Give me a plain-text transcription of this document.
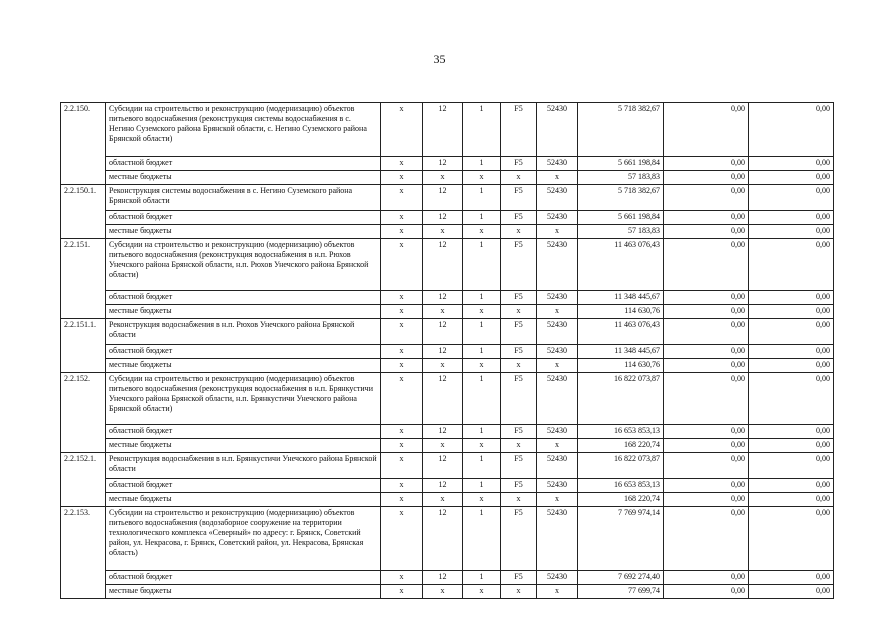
35
2.2.150.	Субсидии на строительство и реконструкцию (модернизацию) объектов питьевого водоснабжения (реконструкция системы водоснабжения в с. Негино Суземского района Брянской области, с. Негино Суземского района Брянской области)	x	12	1	F5	52430	5 718 382,67	0,00	0,00
	областной бюджет	x	12	1	F5	52430	5 661 198,84	0,00	0,00
	местные бюджеты	x	x	x	x	x	57 183,83	0,00	0,00
2.2.150.1.	Реконструкция системы водоснабжения в с. Негино Суземского района Брянской области	x	12	1	F5	52430	5 718 382,67	0,00	0,00
	областной бюджет	x	12	1	F5	52430	5 661 198,84	0,00	0,00
	местные бюджеты	x	x	x	x	x	57 183,83	0,00	0,00
2.2.151.	Субсидии на строительство и реконструкцию (модернизацию) объектов питьевого водоснабжения (реконструкция водоснабжения в н.п. Рюхов Унечского района Брянской области, н.п. Рюхов Унечского района Брянской области)	x	12	1	F5	52430	11 463 076,43	0,00	0,00
	областной бюджет	x	12	1	F5	52430	11 348 445,67	0,00	0,00
	местные бюджеты	x	x	x	x	x	114 630,76	0,00	0,00
2.2.151.1.	Реконструкция водоснабжения в н.п. Рюхов Унечского района Брянской области	x	12	1	F5	52430	11 463 076,43	0,00	0,00
	областной бюджет	x	12	1	F5	52430	11 348 445,67	0,00	0,00
	местные бюджеты	x	x	x	x	x	114 630,76	0,00	0,00
2.2.152.	Субсидии на строительство и реконструкцию (модернизацию) объектов питьевого водоснабжения (реконструкция водоснабжения в н.п. Брянкустичи Унечского района Брянской области, н.п. Брянкустичи Унечского района Брянской области)	x	12	1	F5	52430	16 822 073,87	0,00	0,00
	областной бюджет	x	12	1	F5	52430	16 653 853,13	0,00	0,00
	местные бюджеты	x	x	x	x	x	168 220,74	0,00	0,00
2.2.152.1.	Реконструкция водоснабжения в н.п. Брянкустичи Унечского района Брянской области	x	12	1	F5	52430	16 822 073,87	0,00	0,00
	областной бюджет	x	12	1	F5	52430	16 653 853,13	0,00	0,00
	местные бюджеты	x	x	x	x	x	168 220,74	0,00	0,00
2.2.153.	Субсидии на строительство и реконструкцию (модернизацию) объектов питьевого водоснабжения (водозаборное сооружение на территории технологического комплекса «Северный» по адресу: г. Брянск, Советский район, ул. Некрасова, г. Брянск, Советский район, ул. Некрасова, Брянская область)	x	12	1	F5	52430	7 769 974,14	0,00	0,00
	областной бюджет	x	12	1	F5	52430	7 692 274,40	0,00	0,00
	местные бюджеты	x	x	x	x	x	77 699,74	0,00	0,00
